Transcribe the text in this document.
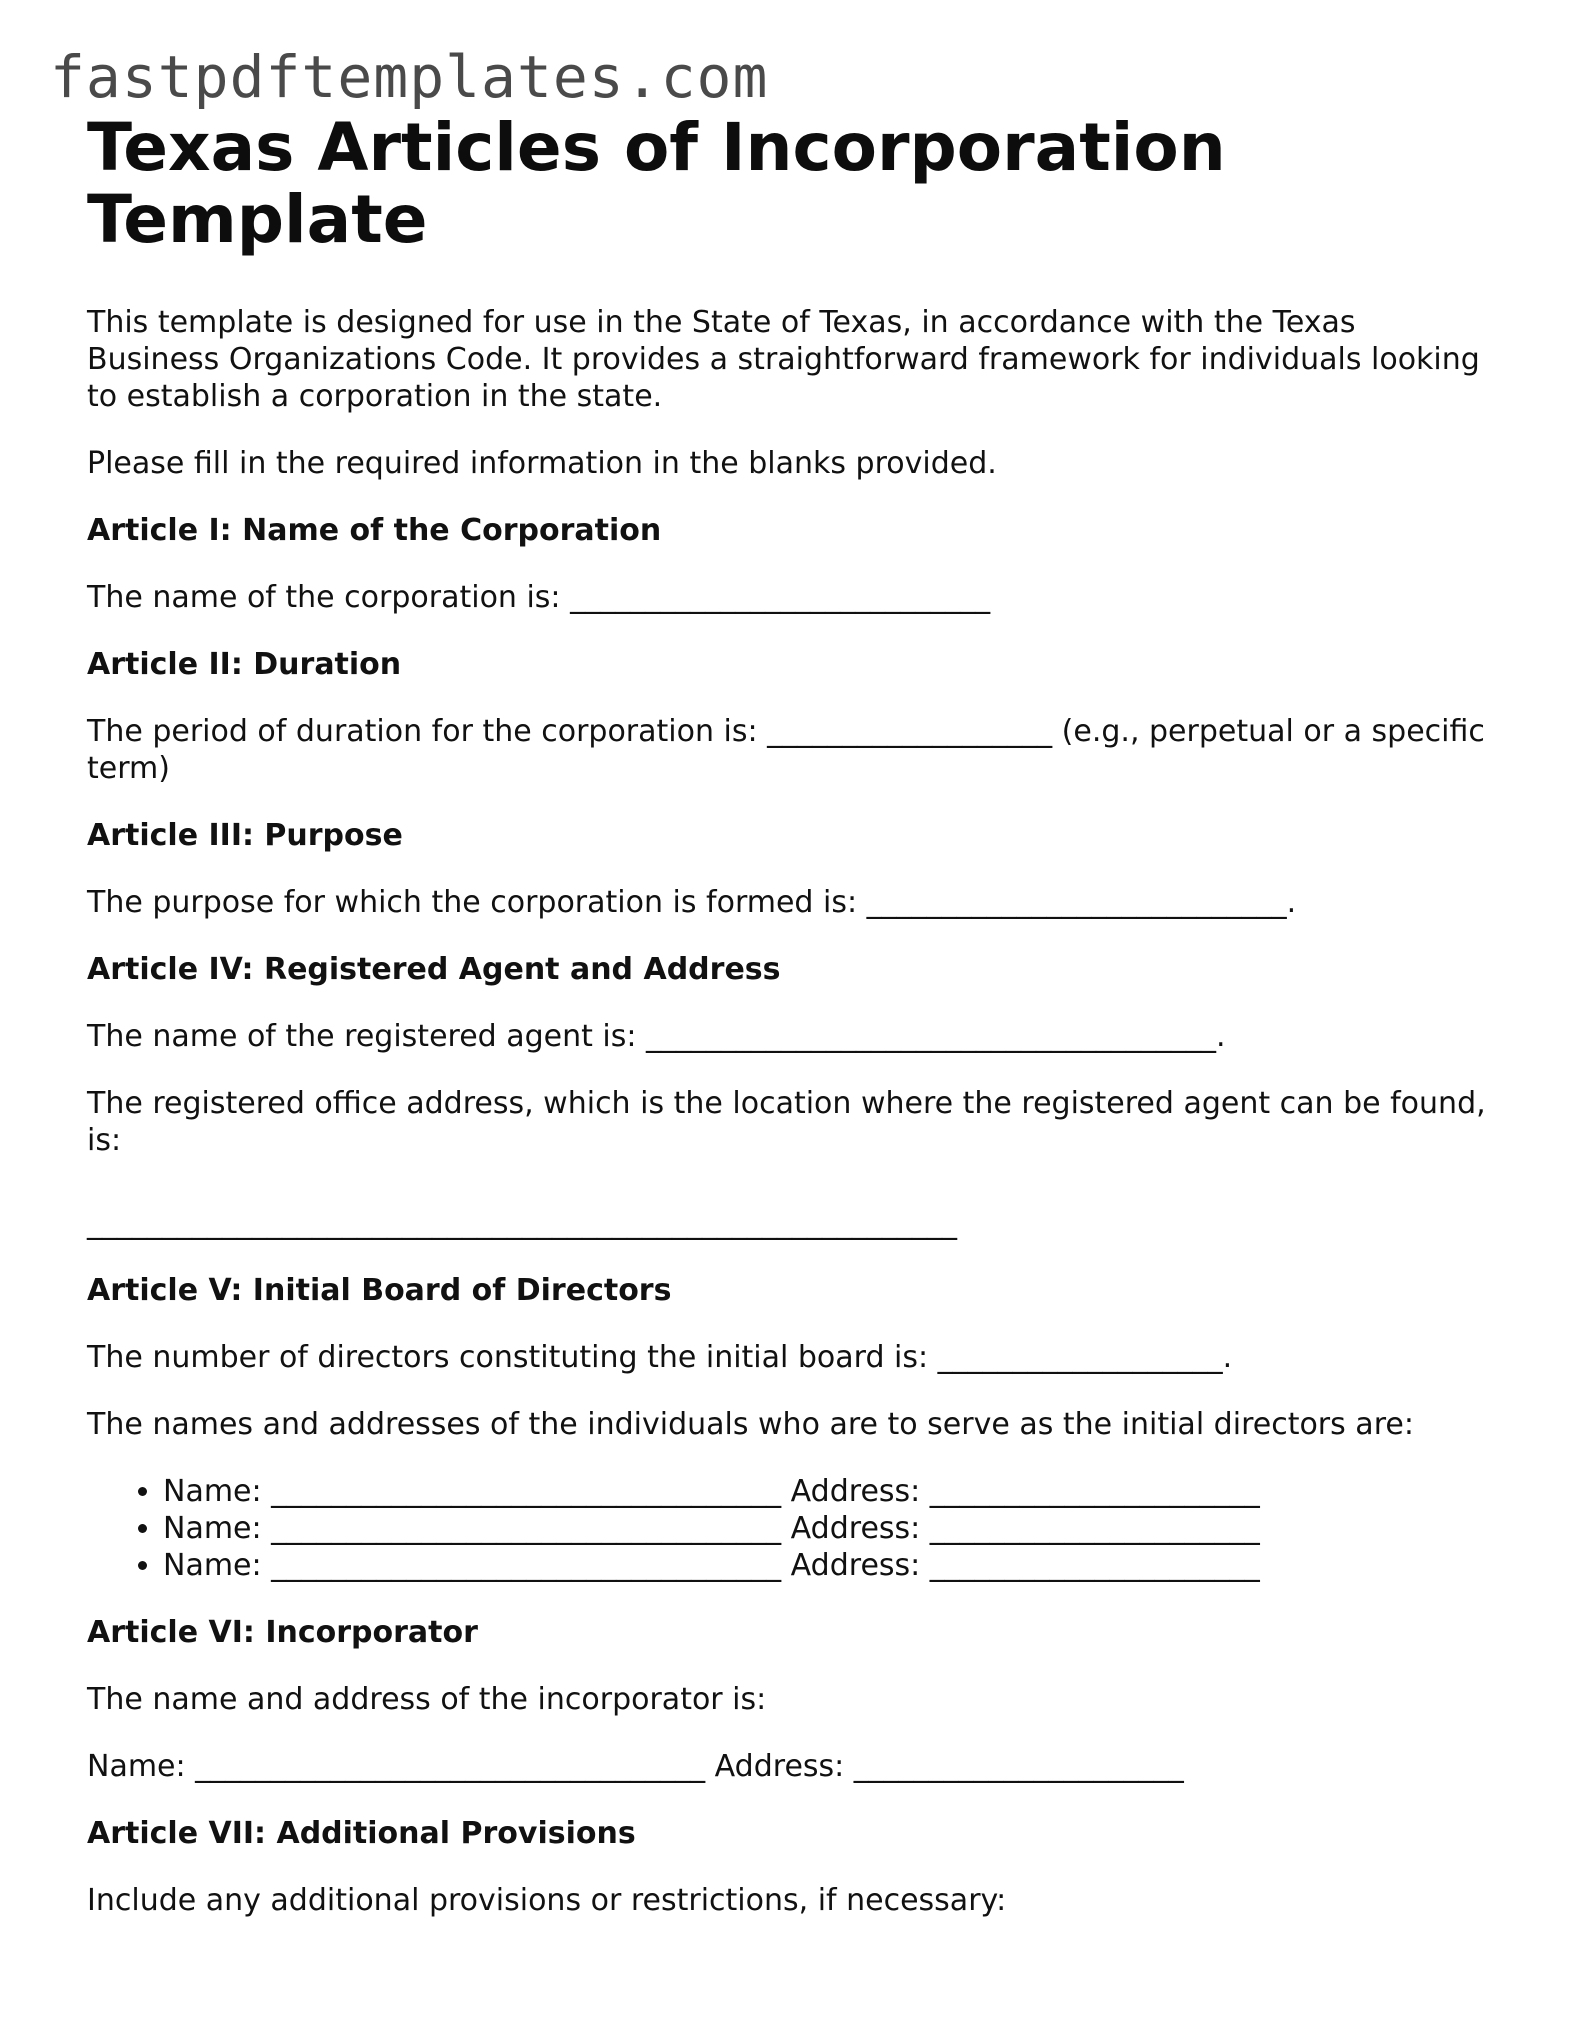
fastpdftemplates.com
Texas Articles of Incorporation Template

This template is designed for use in the State of Texas, in accordance with the Texas Business Organizations Code. It provides a straightforward framework for individuals looking to establish a corporation in the state.

Please fill in the required information in the blanks provided.

Article I: Name of the Corporation

The name of the corporation is: ____________________________

Article II: Duration

The period of duration for the corporation is: ___________________ (e.g., perpetual or a specific term)

Article III: Purpose

The purpose for which the corporation is formed is: ____________________________.

Article IV: Registered Agent and Address

The name of the registered agent is: ______________________________________.

The registered office address, which is the location where the registered agent can be found, is:

__________________________________________________________
Article V: Initial Board of Directors

The number of directors constituting the initial board is: ___________________.

The names and addresses of the individuals who are to serve as the initial directors are:

• Name: __________________________________ Address: ______________________
• Name: __________________________________ Address: ______________________
• Name: __________________________________ Address: ______________________
Article VI: Incorporator

The name and address of the incorporator is:

Name: __________________________________ Address: ______________________

Article VII: Additional Provisions

Include any additional provisions or restrictions, if necessary:
